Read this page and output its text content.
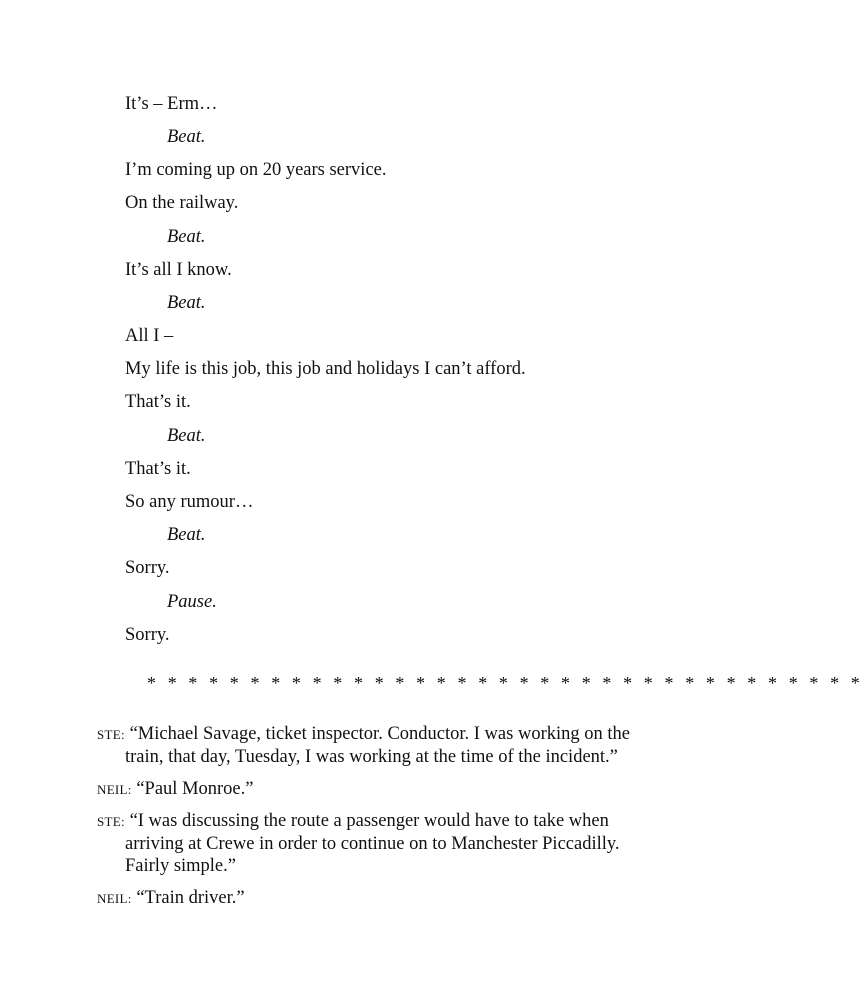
It’s – Erm…
Beat.
I’m coming up on 20 years service.
On the railway.
Beat.
It’s all I know.
Beat.
All I –
My life is this job, this job and holidays I can’t afford.
That’s it.
Beat.
That’s it.
So any rumour…
Beat.
Sorry.
Pause.
Sorry.
* * * * * * * * * * * * * * * * * * * * * * * * * * * * * * * * * * *
STE: “Michael Savage, ticket inspector. Conductor. I was working on the
train, that day, Tuesday, I was working at the time of the incident.”
NEIL: “Paul Monroe.”
STE: “I was discussing the route a passenger would have to take when
arriving at Crewe in order to continue on to Manchester Piccadilly.
Fairly simple.”
NEIL: “Train driver.”
